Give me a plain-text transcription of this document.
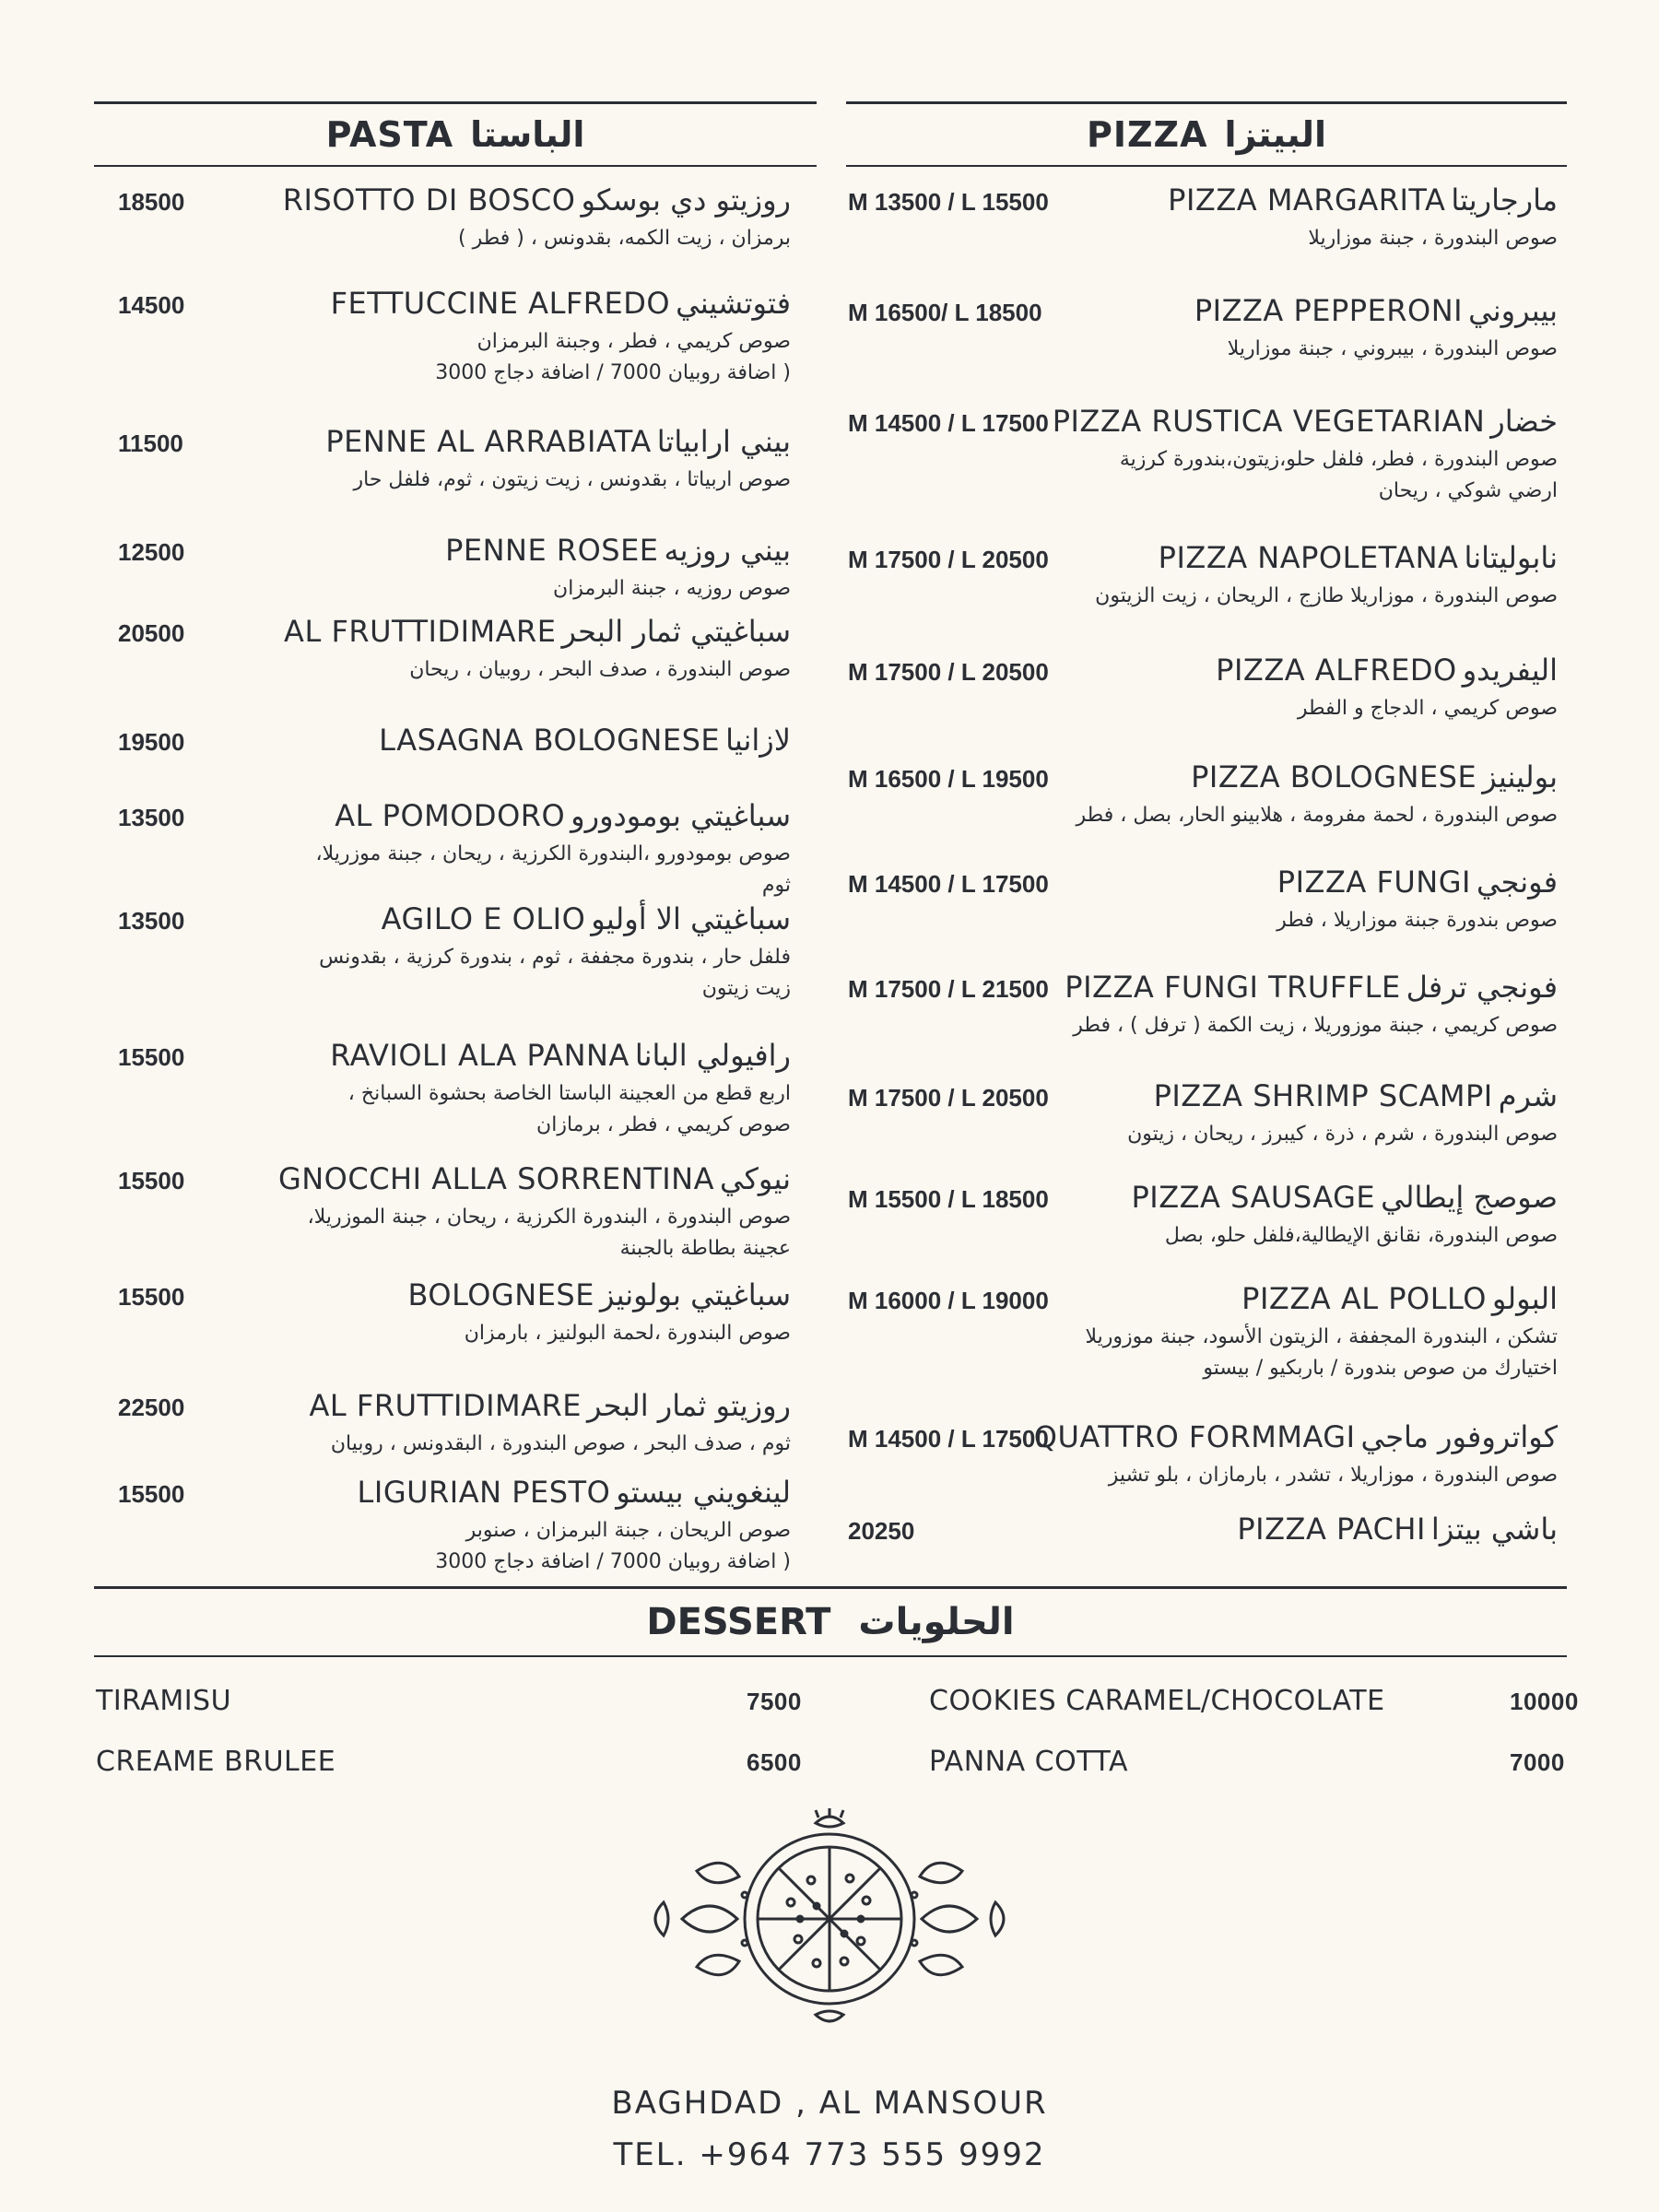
PASTA الباستا	PIZZA البيتزا
18500	RISOTTO DI BOSCO روزيتو دي بوسكو
برمزان ، زيت الكمه، بقدونس ، ( فطر )
14500	FETTUCCINE ALFREDO فتوتشيني
صوص كريمي ، فطر ، وجبنة البرمزان
( اضافة روبيان 7000 / اضافة دجاج 3000
11500	PENNE AL ARRABIATA بيني ارابياتا
صوص اربياتا ، بقدونس ، زيت زيتون ، ثوم، فلفل حار
12500	PENNE ROSEE بيني روزيه
صوص روزيه ، جبنة البرمزان
20500	AL FRUTTIDIMARE سباغيتي ثمار البحر
صوص البندورة ، صدف البحر ، روبيان ، ريحان
19500	LASAGNA BOLOGNESE لازانيا
13500	AL POMODORO سباغيتي بومودورو
صوص بومودورو ،البندورة الكرزية ، ريحان ، جبنة موزريلا،
ثوم
13500	AGILO E OLIO سباغيتي الا أوليو
فلفل حار ، بندورة مجففة ، ثوم ، بندورة كرزية ، بقدونس
زيت زيتون
15500	RAVIOLI ALA PANNA رافيولي البانا
اربع قطع من العجينة الباستا الخاصة بحشوة السبانخ ،
صوص كريمي ، فطر ، برمازان
15500	GNOCCHI ALLA SORRENTINA نيوكي
صوص البندورة ، البندورة الكرزية ، ريحان ، جبنة الموزريلا،
عجينة بطاطة بالجبنة
15500	BOLOGNESE سباغيتي بولونيز
صوص البندورة ،لحمة البولنيز ، بارمزان
22500	AL FRUTTIDIMARE روزيتو ثمار البحر
ثوم ، صدف البحر ، صوص البندورة ، البقدونس ، روبيان
15500	LIGURIAN PESTO لينغويني بيستو
صوص الريحان ، جبنة البرمزان ، صنوبر
( اضافة روبيان 7000 / اضافة دجاج 3000
M 13500 / L 15500	PIZZA MARGARITA مارجاريتا
صوص البندورة ، جبنة موزاريلا
M 16500/ L 18500	PIZZA PEPPERONI بيبروني
صوص البندورة ، بيبروني ، جبنة موزاريلا
M 14500 / L 17500 PIZZA RUSTICA VEGETARIAN خضار
صوص البندورة ، فطر، فلفل حلو،زيتون،بندورة كرزية
ارضي شوكي ، ريحان
M 17500 / L 20500	PIZZA NAPOLETANA نابوليتانا
صوص البندورة ، موزاريلا طازج ، الريحان ، زيت الزيتون
M 17500 / L 20500	PIZZA ALFREDO اليفريدو
صوص كريمي ، الدجاج و الفطر
M 16500 / L 19500	PIZZA BOLOGNESE بولينيز
صوص البندورة ، لحمة مفرومة ، هلابينو الحار، بصل ، فطر
M 14500 / L 17500	PIZZA FUNGI فونجي
صوص بندورة جبنة موزاريلا ، فطر
M 17500 / L 21500 PIZZA FUNGI TRUFFLE فونجي ترفل
صوص كريمي ، جبنة موزوريلا ، زيت الكمة ( ترفل ) ، فطر
M 17500 / L 20500	PIZZA SHRIMP SCAMPI شرم
صوص البندورة ، شرم ، ذرة ، كيبرز ، ريحان ، زيتون
M 15500 / L 18500	PIZZA SAUSAGE صوصج إيطالي
صوص البندورة، نقانق الإيطالية،فلفل حلو، بصل
M 16000 / L 19000	PIZZA AL POLLO البولو
تشكن ، البندورة المجففة ، الزيتون الأسود، جبنة موزوريلا
اختيارك من صوص بندورة / باربكيو / بيستو
M 14500 / L 17500
QUATTRO FORMMAGI كواتروفور ماجي
صوص البندورة ، موزاريلا ، تشدر ، بارمازان ، بلو تشيز
20250	PIZZA PACHI باشي بيتزا
DESSERT الحلويات
TIRAMISU	7500
CREAME BRULEE	6500
COOKIES CARAMEL/CHOCOLATE	10000
PANNA COTTA	7000
BAGHDAD , AL MANSOUR
TEL. +964 773 555 9992
